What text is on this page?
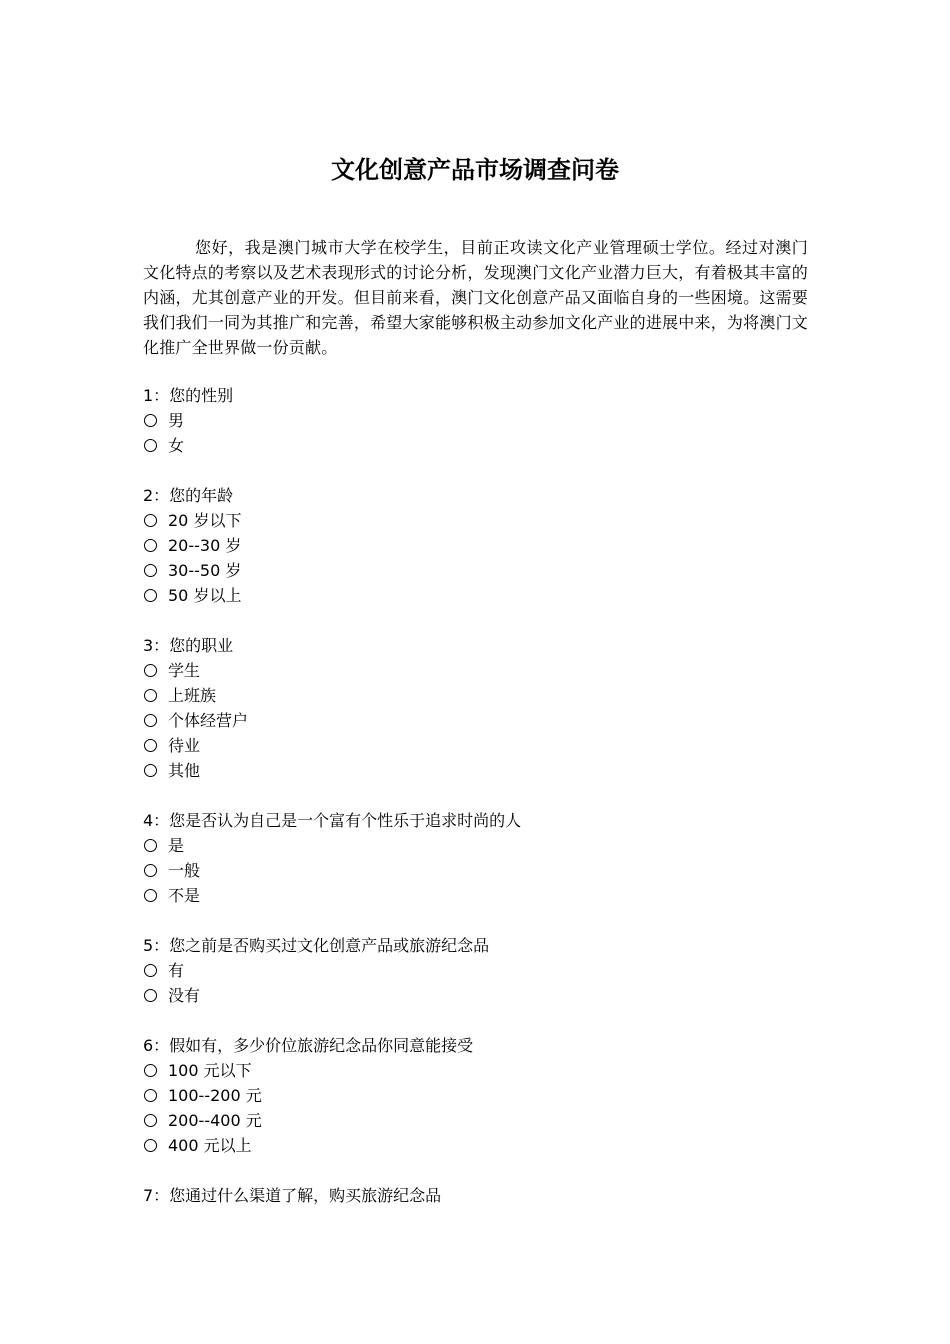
文化创意产品市场调查问卷
您好，我是澳门城市大学在校学生，目前正攻读文化产业管理硕士学位。经过对澳门文化特点的考察以及艺术表现形式的讨论分析，发现澳门文化产业潜力巨大，有着极其丰富的内涵，尤其创意产业的开发。但目前来看，澳门文化创意产品又面临自身的一些困境。这需要我们我们一同为其推广和完善，希望大家能够积极主动参加文化产业的进展中来，为将澳门文化推广全世界做一份贡献。
1：您的性别
男
女
2：您的年龄
20 岁以下
20--30 岁
30--50 岁
50 岁以上
3：您的职业
学生
上班族
个体经营户
待业
其他
4：您是否认为自己是一个富有个性乐于追求时尚的人
是
一般
不是
5：您之前是否购买过文化创意产品或旅游纪念品
有
没有
6：假如有，多少价位旅游纪念品你同意能接受
100 元以下
100--200 元
200--400 元
400 元以上
7：您通过什么渠道了解，购买旅游纪念品
